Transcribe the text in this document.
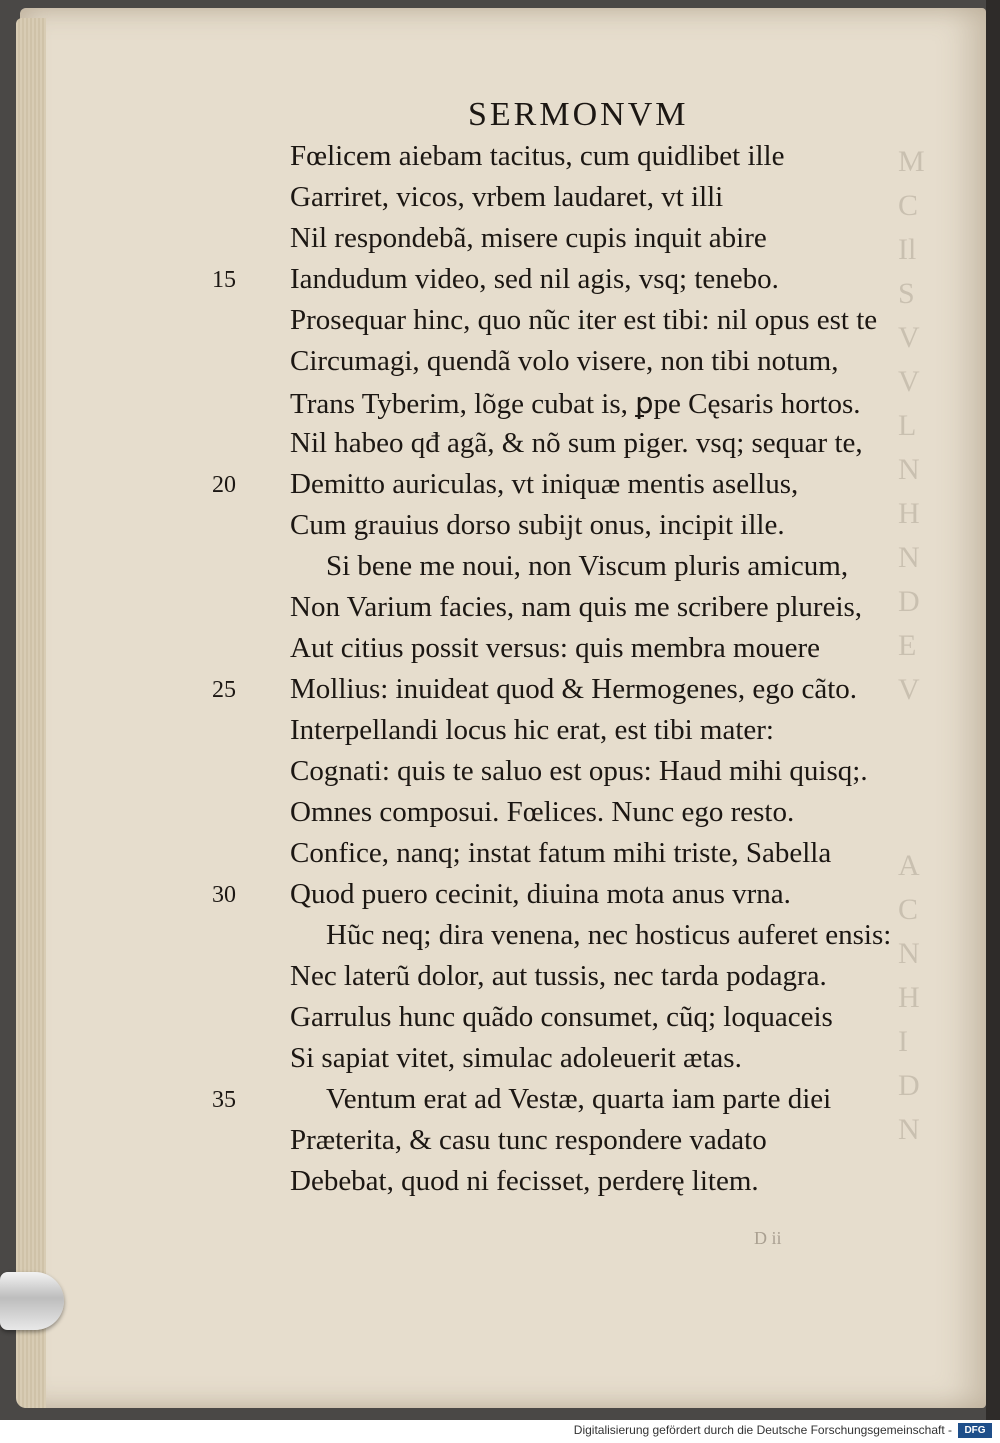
M
C
Il
S
V
V
L
N
H
N
D
E
V

A
C
N
H
I
D
N
SERMONVM
Fœlicem aiebam tacitus, cum quidlibet ille
Garriret, vicos, vrbem laudaret, vt illi
Nil respondebã, misere cupis inquit abire
Iandudum video, sed nil agis, vsq; tenebo.
Prosequar hinc, quo nũc iter est tibi: nil opus est te
Circumagi, quendã volo visere, non tibi notum,
Trans Tyberim, lõge cubat is, ꝑpe Cęsaris hortos.
Nil habeo qđ agã, & nõ sum piger. vsq; sequar te,
Demitto auriculas, vt iniquæ mentis asellus,
Cum grauius dorso subijt onus, incipit ille.
Si bene me noui, non Viscum pluris amicum,
Non Varium facies, nam quis me scribere plureis,
Aut citius possit versus: quis membra mouere
Mollius: inuideat quod & Hermogenes, ego cãto.
Interpellandi locus hic erat, est tibi mater:
Cognati: quis te saluo est opus: Haud mihi quisq;.
Omnes composui. Fœlices. Nunc ego resto.
Confice, nanq; instat fatum mihi triste, Sabella
Quod puero cecinit, diuina mota anus vrna.
Hũc neq; dira venena, nec hosticus auferet ensis:
Nec laterũ dolor, aut tussis, nec tarda podagra.
Garrulus hunc quãdo consumet, cũq; loquaceis
Si sapiat vitet, simulac adoleuerit ætas.
Ventum erat ad Vestæ, quarta iam parte diei
Præterita, & casu tunc respondere vadato
Debebat, quod ni fecisset, perderę litem.
15
20
25
30
35
D ii
Digitalisierung gefördert durch die Deutsche Forschungsgemeinschaft -	DFG
